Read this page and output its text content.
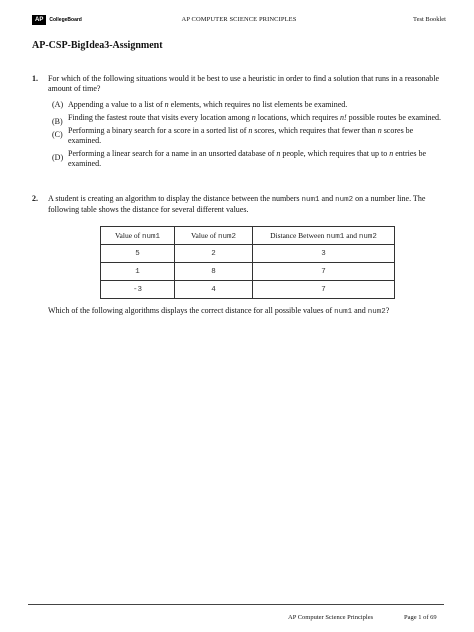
AP	CollegeBoard	AP COMPUTER SCIENCE PRINCIPLES	Test Booklet
AP-CSP-BigIdea3-Assignment
1. For which of the following situations would it be best to use a heuristic in order to find a solution that runs in a reasonable amount of time?
(A) Appending a value to a list of n elements, which requires no list elements be examined.
(B) Finding the fastest route that visits every location among n locations, which requires n! possible routes be examined.
(C) Performing a binary search for a score in a sorted list of n scores, which requires that fewer than n scores be examined.
(D) Performing a linear search for a name in an unsorted database of n people, which requires that up to n entries be examined.
2. A student is creating an algorithm to display the distance between the numbers num1 and num2 on a number line. The following table shows the distance for several different values.
Value of num1	Value of num2	Distance Between num1 and num2
5	2	3
1	8	7
-3	4	7
Which of the following algorithms displays the correct distance for all possible values of num1 and num2?
AP Computer Science Principles	Page 1 of 69
